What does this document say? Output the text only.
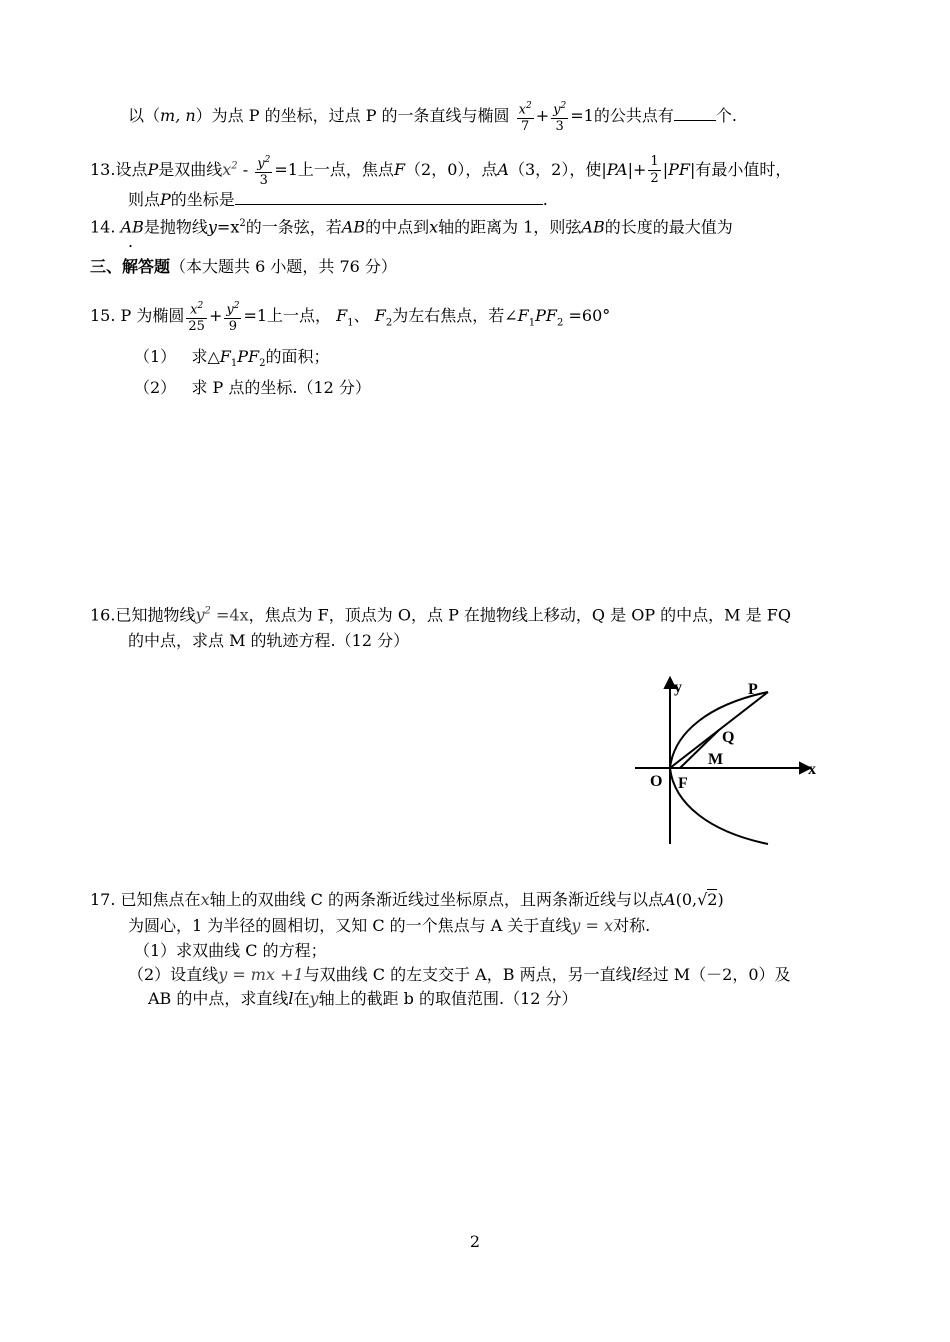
以（m, n）为点 P 的坐标，过点 P 的一条直线与椭圆 $\frac{x^2}{7} + \frac{y^2}{3} =1$的公共点有	个.
13.设点P是双曲线$x^2 - \frac{y^2}{3} =1$上一点，焦点F（2，0），点A（3，2），使$|PA|+ \frac{1}{2} |PF|$有最小值时，
则点P的坐标是	.
14. AB是抛物线$y=x^2$的一条弦，若AB的中点到x轴的距离为 1，则弦AB的长度的最大值为
.
三、解答题（本大题共 6 小题，共 76 分）
15. P 为椭圆 $\frac{x^2}{25} + \frac{y^2}{9} =1$上一点， $F_1$、 $F_2$为左右焦点，若$\angle F_1PF_2 =60^\circ$
（1） 求$\triangle F_1PF_2$的面积；
（2） 求 P 点的坐标.（12 分）
16.已知抛物线$y^2 =4x$，焦点为 F，顶点为 O，点 P 在抛物线上移动，Q 是 OP 的中点，M 是 FQ
的中点，求点 M 的轨迹方程.（12 分）
y
x
P
Q
M
O F
17. 已知焦点在x轴上的双曲线 C 的两条渐近线过坐标原点，且两条渐近线与以点A(0,√2)
为圆心，1 为半径的圆相切，又知 C 的一个焦点与 A 关于直线y = x对称.
（1）求双曲线 C 的方程；
（2）设直线y = mx +1与双曲线 C 的左支交于 A，B 两点，另一直线l经过 M（－2，0）及
AB 的中点，求直线l在y轴上的截距 b 的取值范围.（12 分）
2
